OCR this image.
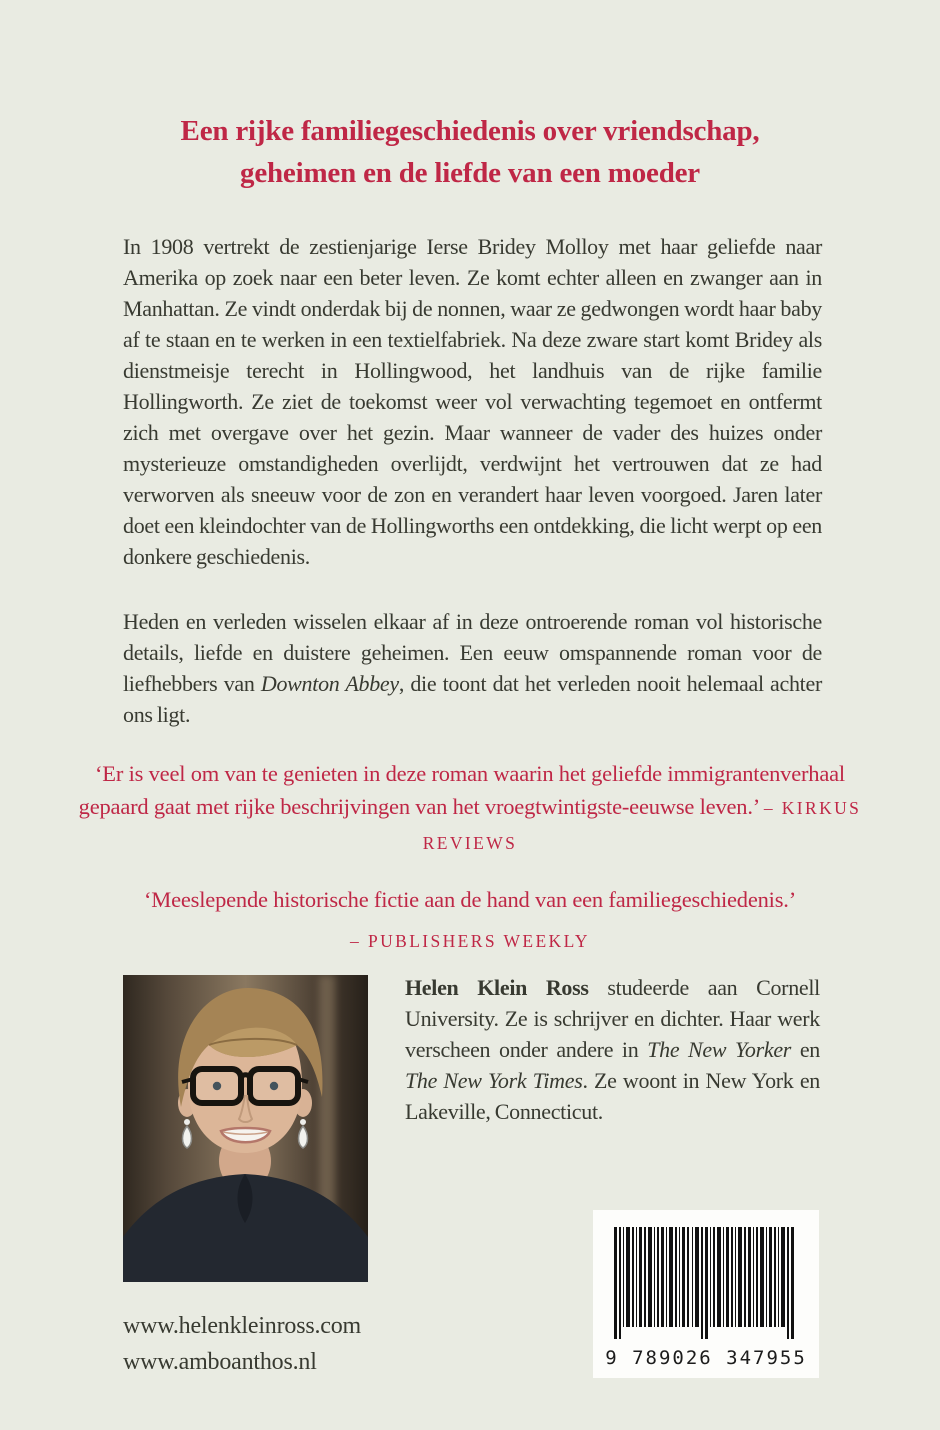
Een rijke familiegeschiedenis over vriendschap,
geheimen en de liefde van een moeder

In 1908 vertrekt de zestienjarige Ierse Bridey Molloy met haar geliefde naar Amerika op zoek naar een beter leven. Ze komt echter alleen en zwanger aan in Manhattan. Ze vindt onderdak bij de nonnen, waar ze gedwongen wordt haar baby af te staan en te werken in een textielfabriek. Na deze zware start komt Bridey als dienstmeisje terecht in Hollingwood, het landhuis van de rijke familie Hollingworth. Ze ziet de toekomst weer vol verwachting tegemoet en ontfermt zich met overgave over het gezin. Maar wanneer de vader des huizes onder mysterieuze omstandigheden overlijdt, verdwijnt het vertrouwen dat ze had verworven als sneeuw voor de zon en verandert haar leven voorgoed. Jaren later doet een kleindochter van de Hollingworths een ontdekking, die licht werpt op een donkere geschiedenis.

Heden en verleden wisselen elkaar af in deze ontroerende roman vol historische details, liefde en duistere geheimen. Een eeuw omspannende roman voor de liefhebbers van Downton Abbey, die toont dat het verleden nooit helemaal achter ons ligt.

‘Er is veel om van te genieten in deze roman waarin het geliefde immigrantenverhaal gepaard gaat met rijke beschrijvingen van het vroegtwintigste-eeuwse leven.’ – KIRKUS REVIEWS
‘Meeslepende historische fictie aan de hand van een familiegeschiedenis.’
– PUBLISHERS WEEKLY

Helen Klein Ross studeerde aan Cornell University. Ze is schrijver en dichter. Haar werk verscheen onder andere in The New Yorker en The New York Times. Ze woont in New York en Lakeville, Connecticut.

www.helenkleinross.com
www.amboanthos.nl	9 789026 347955
